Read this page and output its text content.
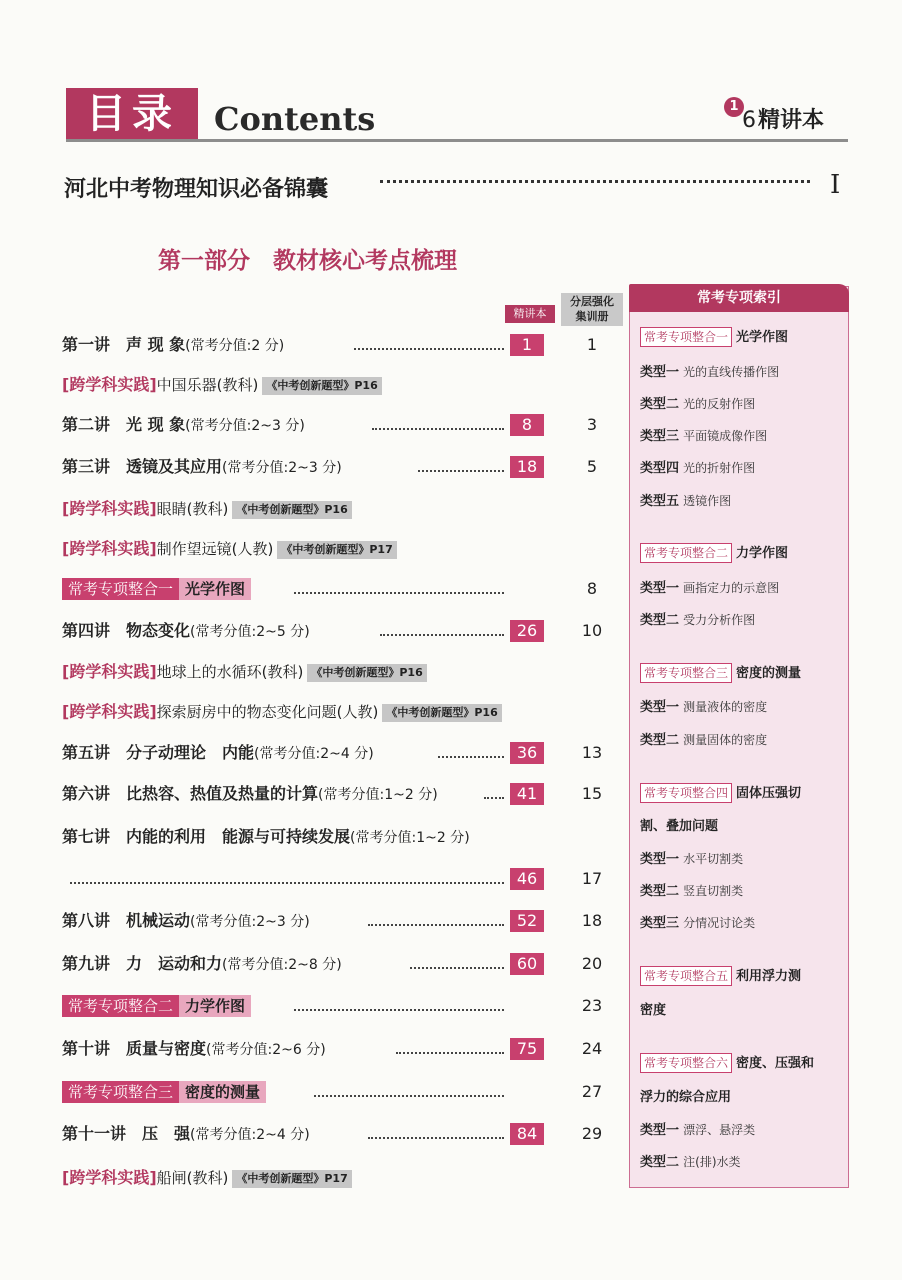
目录	Contents	1
6精讲本
河北中考物理知识必备锦囊	I
第一部分　教材核心考点梳理
精讲本
分层强化
集训册
第一讲　声 现 象(常考分值:2 分)	1	1
[跨学科实践]中国乐器(教科) 《中考创新题型》P16
第二讲　光 现 象(常考分值:2~3 分)	8	3
第三讲　透镜及其应用(常考分值:2~3 分)	18	5
[跨学科实践]眼睛(教科) 《中考创新题型》P16
[跨学科实践]制作望远镜(人教) 《中考创新题型》P17
常考专项整合一 光学作图	8
第四讲　物态变化(常考分值:2~5 分)	26	10
[跨学科实践]地球上的水循环(教科) 《中考创新题型》P16
[跨学科实践]探索厨房中的物态变化问题(人教) 《中考创新题型》P16
第五讲　分子动理论　内能(常考分值:2~4 分)	36	13
第六讲　比热容、热值及热量的计算(常考分值:1~2 分)	41	15
第七讲　内能的利用　能源与可持续发展(常考分值:1~2 分)
46	17
第八讲　机械运动(常考分值:2~3 分)	52	18
第九讲　力　运动和力(常考分值:2~8 分)	60	20
常考专项整合二 力学作图	23
第十讲　质量与密度(常考分值:2~6 分)	75	24
常考专项整合三 密度的测量	27
第十一讲　压　强(常考分值:2~4 分)	84	29
[跨学科实践]船闸(教科) 《中考创新题型》P17
常考专项索引
常考专项整合一 光学作图
类型一 光的直线传播作图
类型二 光的反射作图
类型三 平面镜成像作图
类型四 光的折射作图
类型五 透镜作图
常考专项整合二 力学作图
类型一 画指定力的示意图
类型二 受力分析作图
常考专项整合三 密度的测量
类型一 测量液体的密度
类型二 测量固体的密度
常考专项整合四 固体压强切
割、叠加问题
类型一 水平切割类
类型二 竖直切割类
类型三 分情况讨论类
常考专项整合五 利用浮力测
密度
常考专项整合六 密度、压强和
浮力的综合应用
类型一 漂浮、悬浮类
类型二 注(排)水类
